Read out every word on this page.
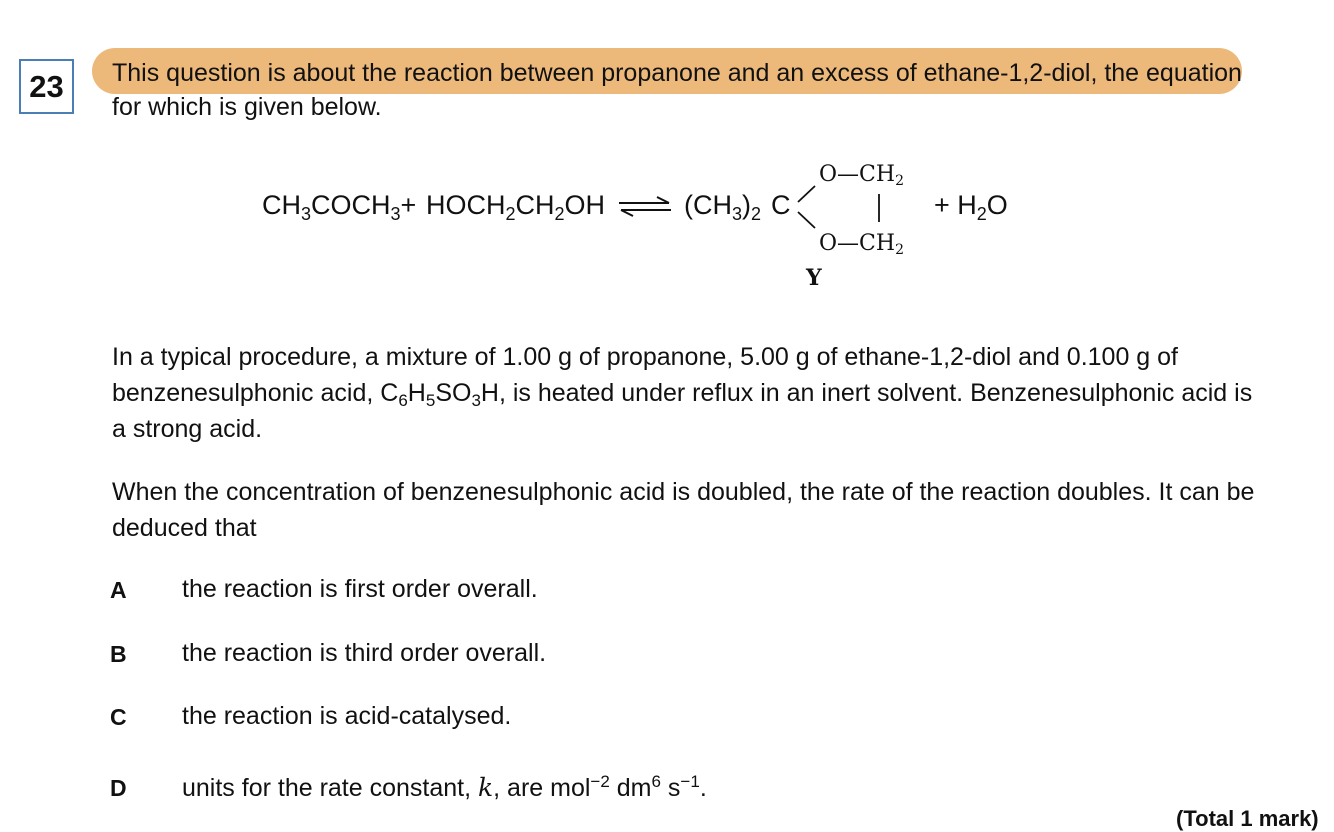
23	This question is about the reaction between propanone and an excess of ethane-1,2-diol, the equation for which is given below.
$CH_3COCH_3+$ $HOCH_2CH_2OH$ ⇌ $(CH_3)_2$ C
$O—CH_2$
$O—CH_2$
Y
+ $H_2O$
In a typical procedure, a mixture of 1.00 g of propanone, 5.00 g of ethane-1,2-diol and 0.100 g of benzenesulphonic acid, $C_6H_5SO_3H$, is heated under reflux in an inert solvent. Benzenesulphonic acid is a strong acid.
When the concentration of benzenesulphonic acid is doubled, the rate of the reaction doubles. It can be deduced that
A the reaction is first order overall.
B the reaction is third order overall.
C the reaction is acid-catalysed.
D units for the rate constant, k, are mol$^{-2}$ $dm^6$ $s^{-1}$.
(Total 1 mark)
